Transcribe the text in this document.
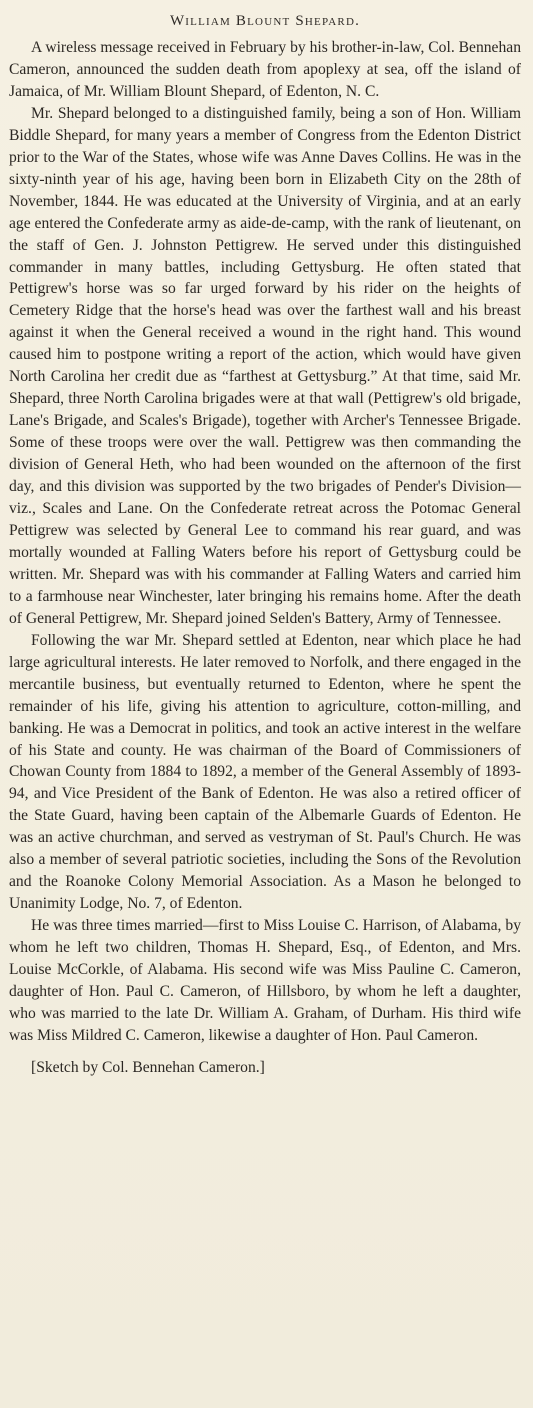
William Blount Shepard.

A wireless message received in February by his brother-in-law, Col. Bennehan Cameron, announced the sudden death from apoplexy at sea, off the island of Jamaica, of Mr. William Blount Shepard, of Edenton, N. C.

Mr. Shepard belonged to a distinguished family, being a son of Hon. William Biddle Shepard, for many years a member of Congress from the Edenton District prior to the War of the States, whose wife was Anne Daves Collins. He was in the sixty-ninth year of his age, having been born in Elizabeth City on the 28th of November, 1844. He was educated at the University of Virginia, and at an early age entered the Confederate army as aide-de-camp, with the rank of lieutenant, on the staff of Gen. J. Johnston Pettigrew. He served under this distinguished commander in many battles, including Gettysburg. He often stated that Pettigrew's horse was so far urged forward by his rider on the heights of Cemetery Ridge that the horse's head was over the farthest wall and his breast against it when the General received a wound in the right hand. This wound caused him to postpone writing a report of the action, which would have given North Carolina her credit due as “farthest at Gettysburg.” At that time, said Mr. Shepard, three North Carolina brigades were at that wall (Pettigrew's old brigade, Lane's Brigade, and Scales's Brigade), together with Archer's Tennessee Brigade. Some of these troops were over the wall. Pettigrew was then commanding the division of General Heth, who had been wounded on the afternoon of the first day, and this division was supported by the two brigades of Pender's Division—viz., Scales and Lane. On the Confederate retreat across the Potomac General Pettigrew was selected by General Lee to command his rear guard, and was mortally wounded at Falling Waters before his report of Gettysburg could be written. Mr. Shepard was with his commander at Falling Waters and carried him to a farmhouse near Winchester, later bringing his remains home. After the death of General Pettigrew, Mr. Shepard joined Selden's Battery, Army of Tennessee.

Following the war Mr. Shepard settled at Edenton, near which place he had large agricultural interests. He later removed to Norfolk, and there engaged in the mercantile business, but eventually returned to Edenton, where he spent the remainder of his life, giving his attention to agriculture, cotton-milling, and banking. He was a Democrat in politics, and took an active interest in the welfare of his State and county. He was chairman of the Board of Commissioners of Chowan County from 1884 to 1892, a member of the General Assembly of 1893-94, and Vice President of the Bank of Edenton. He was also a retired officer of the State Guard, having been captain of the Albemarle Guards of Edenton. He was an active churchman, and served as vestryman of St. Paul's Church. He was also a member of several patriotic societies, including the Sons of the Revolution and the Roanoke Colony Memorial Association. As a Mason he belonged to Unanimity Lodge, No. 7, of Edenton.

He was three times married—first to Miss Louise C. Harrison, of Alabama, by whom he left two children, Thomas H. Shepard, Esq., of Edenton, and Mrs. Louise McCorkle, of Alabama. His second wife was Miss Pauline C. Cameron, daughter of Hon. Paul C. Cameron, of Hillsboro, by whom he left a daughter, who was married to the late Dr. William A. Graham, of Durham. His third wife was Miss Mildred C. Cameron, likewise a daughter of Hon. Paul Cameron.

[Sketch by Col. Bennehan Cameron.]
